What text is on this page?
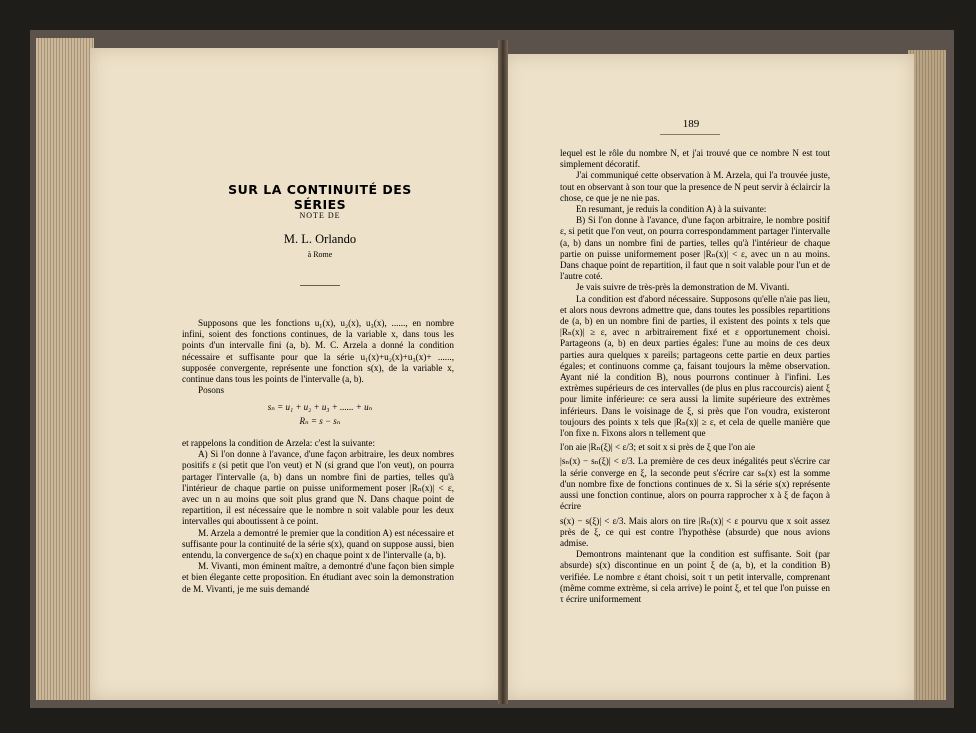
SUR LA CONTINUITÉ DES SÉRIES
NOTE DE
M. L. Orlando
à Rome

Supposons que les fonctions u₁(x), u₂(x), u₃(x), ......, en nombre infini, soient des fonctions continues, de la variable x, dans tous les points d'un intervalle fini (a, b). M. C. Arzela a donné la condition nécessaire et suffisante pour que la série u₁(x)+u₂(x)+u₃(x)+ ......, supposée convergente, représente une fonction s(x), de la variable x, continue dans tous les points de l'intervalle (a, b).

Posons

sₙ = u₁ + u₂ + u₃ + ...... + uₙ
Rₙ = s − sₙ

et rappelons la condition de Arzela: c'est la suivante:

A) Si l'on donne à l'avance, d'une façon arbitraire, les deux nombres positifs ε (si petit que l'on veut) et N (si grand que l'on veut), on pourra partager l'intervalle (a, b) dans un nombre fini de parties, telles qu'à l'intérieur de chaque partie on puisse uniformement poser |Rₙ(x)| < ε, avec un n au moins que soit plus grand que N. Dans chaque point de repartition, il est nécessaire que le nombre n soit valable pour les deux intervalles qui aboutissent à ce point.

M. Arzela a demontré le premier que la condition A) est nécessaire et suffisante pour la continuité de la série s(x), quand on suppose aussi, bien entendu, la convergence de sₙ(x) en chaque point x de l'intervalle (a, b).

M. Vivanti, mon éminent maître, a demontré d'une façon bien simple et bien élegante cette proposition. En étudiant avec soin la demonstration de M. Vivanti, je me suis demandé

189

lequel est le rôle du nombre N, et j'ai trouvé que ce nombre N est tout simplement décoratif.

J'ai communiqué cette observation à M. Arzela, qui l'a trouvée juste, tout en observant à son tour que la presence de N peut servir à éclaircir la chose, ce que je ne nie pas.

En resumant, je reduis la condition A) à la suivante:

B) Si l'on donne à l'avance, d'une façon arbitraire, le nombre positif ε, si petit que l'on veut, on pourra correspondamment partager l'intervalle (a, b) dans un nombre fini de parties, telles qu'à l'intérieur de chaque partie on puisse uniformement poser |Rₙ(x)| < ε, avec un n au moins. Dans chaque point de repartition, il faut que n soit valable pour l'un et de l'autre coté.

Je vais suivre de très-près la demonstration de M. Vivanti.

La condition est d'abord nécessaire. Supposons qu'elle n'aie pas lieu, et alors nous devrons admettre que, dans toutes les possibles repartitions de (a, b) en un nombre fini de parties, il existent des points x tels que |Rₙ(x)| ≥ ε, avec n arbitrairement fixé et ε opportunement choisi. Partageons (a, b) en deux parties égales: l'une au moins de ces deux parties aura quelques x pareils; partageons cette partie en deux parties égales; et continuons comme ça, faisant toujours la même observation. Ayant nié la condition B), nous pourrons continuer à l'infini. Les extrèmes supérieurs de ces intervalles (de plus en plus raccourcis) aient ξ pour limite inférieure: ce sera aussi la limite supérieure des extrèmes inférieurs. Dans le voisinage de ξ, si près que l'on voudra, existeront toujours des points x tels que |Rₙ(x)| ≥ ε, et cela de quelle manière que l'on fixe n. Fixons alors n tellement que

l'on aie |Rₙ(ξ)| < ε/3; et soit x si près de ξ que l'on aie

|sₙ(x) − sₙ(ξ)| < ε/3. La première de ces deux inégalités peut s'écrire car la série converge en ξ, la seconde peut s'écrire car sₙ(x) est la somme d'un nombre fixe de fonctions continues de x. Si la série s(x) représente aussi une fonction continue, alors on pourra rapprocher x à ξ de façon à écrire

s(x) − s(ξ)| < ε/3. Mais alors on tire |Rₙ(x)| < ε pourvu que x soit assez près de ξ, ce qui est contre l'hypothèse (absurde) que nous avions admise.

Demontrons maintenant que la condition est suffisante. Soit (par absurde) s(x) discontinue en un point ξ de (a, b), et la condition B) verifiée. Le nombre ε étant choisi, soit τ un petit intervalle, comprenant (même comme extrème, si cela arrive) le point ξ, et tel que l'on puisse en τ écrire uniformement
